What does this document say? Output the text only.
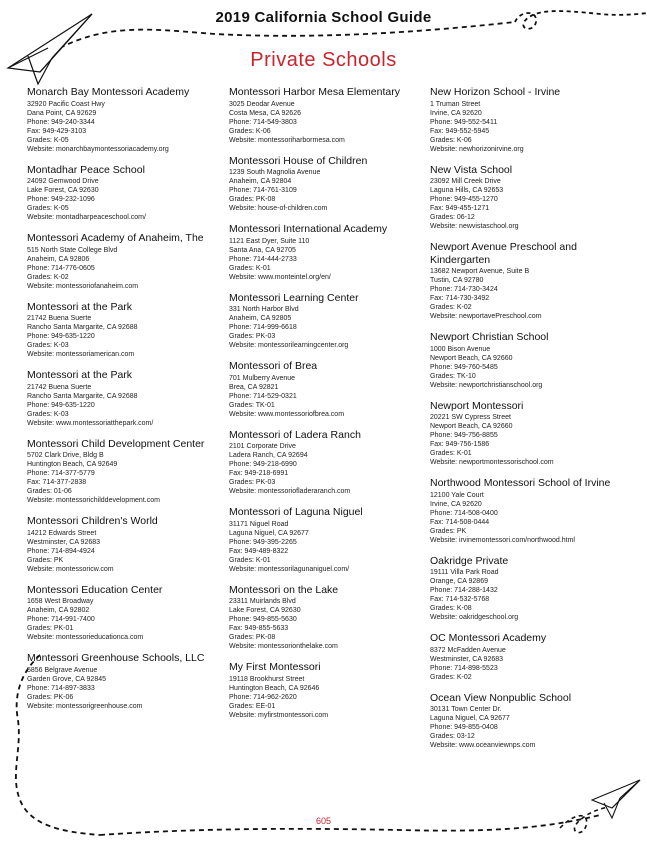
2019 California School Guide
Private Schools
Monarch Bay Montessori Academy
32920 Pacific Coast Hwy
Dana Point, CA 92629
Phone: 949-240-3344
Fax: 949-429-3103
Grades: K-05
Website: monarchbaymontessoriacademy.org
Montadhar Peace School
24092 Gemwood Drive
Lake Forest, CA 92630
Phone: 949-232-1096
Grades: K-05
Website: montadharpeaceschool.com/
Montessori Academy of Anaheim, The
515 North State College Blvd
Anaheim, CA 92806
Phone: 714-776-0605
Grades: K-02
Website: montessoriofanaheim.com
Montessori at the Park
21742 Buena Suerte
Rancho Santa Margarite, CA 92688
Phone: 949-635-1220
Grades: K-03
Website: montessoriamerican.com
Montessori at the Park
21742 Buena Suerte
Rancho Santa Margarite, CA 92688
Phone: 949-635-1220
Grades: K-03
Website: www.montessoriatthepark.com/
Montessori Child Development Center
5702 Clark Drive, Bldg B
Huntington Beach, CA 92649
Phone: 714-377-5779
Fax: 714-377-2838
Grades: 01-06
Website: montessorichilddevelopment.com
Montessori Children's World
14212 Edwards Street
Westminster, CA 92683
Phone: 714-894-4924
Grades: PK
Website: montessoricw.com
Montessori Education Center
1658 West Broadway
Anaheim, CA 92802
Phone: 714-991-7400
Grades: PK-01
Website: montessorieducationca.com
Montessori Greenhouse Schools, LLC
5856 Belgrave Avenue
Garden Grove, CA 92845
Phone: 714-897-3833
Grades: PK-06
Website: montessorigreenhouse.com
Montessori Harbor Mesa Elementary
3025 Deodar Avenue
Costa Mesa, CA 92626
Phone: 714-549-3803
Grades: K-06
Website: montessoriharbormesa.com
Montessori House of Children
1239 South Magnolia Avenue
Anaheim, CA 92804
Phone: 714-761-3109
Grades: PK-08
Website: house-of-children.com
Montessori International Academy
1121 East Dyer, Suite 110
Santa Ana, CA 92705
Phone: 714-444-2733
Grades: K-01
Website: www.monteintel.org/en/
Montessori Learning Center
331 North Harbor Blvd
Anaheim, CA 92805
Phone: 714-999-6618
Grades: PK-03
Website: montessorilearningcenter.org
Montessori of Brea
701 Mulberry Avenue
Brea, CA 92821
Phone: 714-529-0321
Grades: TK-01
Website: www.montessoriofbrea.com
Montessori of Ladera Ranch
2101 Corporate Drive
Ladera Ranch, CA 92694
Phone: 949-218-6990
Fax: 949-218-6991
Grades: PK-03
Website: montessoriofladeraranch.com
Montessori of Laguna Niguel
31171 Niguel Road
Laguna Niguel, CA 92677
Phone: 949-395-2265
Fax: 949-489-8322
Grades: K-01
Website: montessorilagunaniguel.com/
Montessori on the Lake
23311 Muirlands Blvd
Lake Forest, CA 92630
Phone: 949-855-5630
Fax: 949-855-5633
Grades: PK-08
Website: montessorionthelake.com
My First Montessori
19118 Brookhurst Street
Huntington Beach, CA 92646
Phone: 714-962-2620
Grades: EE-01
Website: myfirstmontessori.com
New Horizon School - Irvine
1 Truman Street
Irvine, CA 92620
Phone: 949-552-5411
Fax: 949-552-5945
Grades: K-06
Website: newhorizonirvine.org
New Vista School
23092 Mill Creek Drive
Laguna Hills, CA 92653
Phone: 949-455-1270
Fax: 949-455-1271
Grades: 06-12
Website: newvistaschool.org
Newport Avenue Preschool and Kindergarten
13682 Newport Avenue, Suite B
Tustin, CA 92780
Phone: 714-730-3424
Fax: 714-730-3492
Grades: K-02
Website: newportavePreschool.com
Newport Christian School
1000 Bison Avenue
Newport Beach, CA 92660
Phone: 949-760-5485
Grades: TK-10
Website: newportchristianschool.org
Newport Montessori
20221 SW Cypress Street
Newport Beach, CA 92660
Phone: 949-756-8855
Fax: 949-756-1586
Grades: K-01
Website: newportmontessorischool.com
Northwood Montessori School of Irvine
12100 Yale Court
Irvine, CA 92620
Phone: 714-508-0400
Fax: 714-508-0444
Grades: PK
Website: irvinemontessori.com/northwood.html
Oakridge Private
19111 Villa Park Road
Orange, CA 92869
Phone: 714-288-1432
Fax: 714-532-5768
Grades: K-08
Website: oakridgeschool.org
OC Montessori Academy
8372 McFadden Avenue
Westminster, CA 92683
Phone: 714-898-5523
Grades: K-02
Ocean View Nonpublic School
30131 Town Center Dr.
Laguna Niguel, CA 92677
Phone: 949-855-0408
Grades: 03-12
Website: www.oceanviewnps.com
605
